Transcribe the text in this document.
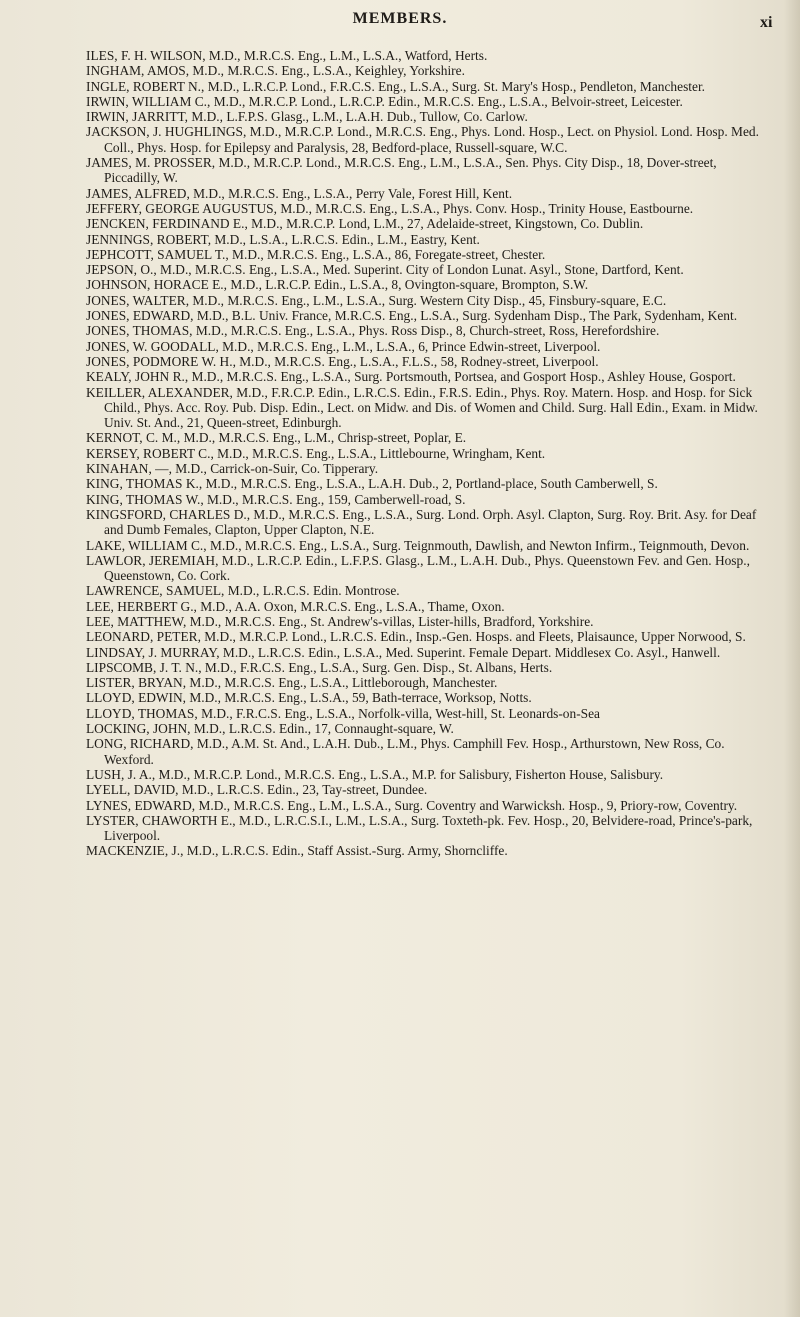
MEMBERS.	xi

ILES, F. H. WILSON, M.D., M.R.C.S. Eng., L.M., L.S.A., Watford, Herts.

INGHAM, AMOS, M.D., M.R.C.S. Eng., L.S.A., Keighley, Yorkshire.

INGLE, ROBERT N., M.D., L.R.C.P. Lond., F.R.C.S. Eng., L.S.A., Surg. St. Mary's Hosp., Pendleton, Manchester.

IRWIN, WILLIAM C., M.D., M.R.C.P. Lond., L.R.C.P. Edin., M.R.C.S. Eng., L.S.A., Belvoir-street, Leicester.

IRWIN, JARRITT, M.D., L.F.P.S. Glasg., L.M., L.A.H. Dub., Tullow, Co. Carlow.

JACKSON, J. HUGHLINGS, M.D., M.R.C.P. Lond., M.R.C.S. Eng., Phys. Lond. Hosp., Lect. on Physiol. Lond. Hosp. Med. Coll., Phys. Hosp. for Epilepsy and Paralysis, 28, Bedford-place, Russell-square, W.C.

JAMES, M. PROSSER, M.D., M.R.C.P. Lond., M.R.C.S. Eng., L.M., L.S.A., Sen. Phys. City Disp., 18, Dover-street, Piccadilly, W.

JAMES, ALFRED, M.D., M.R.C.S. Eng., L.S.A., Perry Vale, Forest Hill, Kent.

JEFFERY, GEORGE AUGUSTUS, M.D., M.R.C.S. Eng., L.S.A., Phys. Conv. Hosp., Trinity House, Eastbourne.

JENCKEN, FERDINAND E., M.D., M.R.C.P. Lond, L.M., 27, Adelaide-street, Kingstown, Co. Dublin.

JENNINGS, ROBERT, M.D., L.S.A., L.R.C.S. Edin., L.M., Eastry, Kent.

JEPHCOTT, SAMUEL T., M.D., M.R.C.S. Eng., L.S.A., 86, Foregate-street, Chester.

JEPSON, O., M.D., M.R.C.S. Eng., L.S.A., Med. Superint. City of London Lunat. Asyl., Stone, Dartford, Kent.

JOHNSON, HORACE E., M.D., L.R.C.P. Edin., L.S.A., 8, Ovington-square, Brompton, S.W.

JONES, WALTER, M.D., M.R.C.S. Eng., L.M., L.S.A., Surg. Western City Disp., 45, Finsbury-square, E.C.

JONES, EDWARD, M.D., B.L. Univ. France, M.R.C.S. Eng., L.S.A., Surg. Sydenham Disp., The Park, Sydenham, Kent.

JONES, THOMAS, M.D., M.R.C.S. Eng., L.S.A., Phys. Ross Disp., 8, Church-street, Ross, Herefordshire.

JONES, W. GOODALL, M.D., M.R.C.S. Eng., L.M., L.S.A., 6, Prince Edwin-street, Liverpool.

JONES, PODMORE W. H., M.D., M.R.C.S. Eng., L.S.A., F.L.S., 58, Rodney-street, Liverpool.

KEALY, JOHN R., M.D., M.R.C.S. Eng., L.S.A., Surg. Portsmouth, Portsea, and Gosport Hosp., Ashley House, Gosport.

KEILLER, ALEXANDER, M.D., F.R.C.P. Edin., L.R.C.S. Edin., F.R.S. Edin., Phys. Roy. Matern. Hosp. and Hosp. for Sick Child., Phys. Acc. Roy. Pub. Disp. Edin., Lect. on Midw. and Dis. of Women and Child. Surg. Hall Edin., Exam. in Midw. Univ. St. And., 21, Queen-street, Edinburgh.

KERNOT, C. M., M.D., M.R.C.S. Eng., L.M., Chrisp-street, Poplar, E.

KERSEY, ROBERT C., M.D., M.R.C.S. Eng., L.S.A., Littlebourne, Wringham, Kent.

KINAHAN, —, M.D., Carrick-on-Suir, Co. Tipperary.

KING, THOMAS K., M.D., M.R.C.S. Eng., L.S.A., L.A.H. Dub., 2, Portland-place, South Camberwell, S.

KING, THOMAS W., M.D., M.R.C.S. Eng., 159, Camberwell-road, S.

KINGSFORD, CHARLES D., M.D., M.R.C.S. Eng., L.S.A., Surg. Lond. Orph. Asyl. Clapton, Surg. Roy. Brit. Asy. for Deaf and Dumb Females, Clapton, Upper Clapton, N.E.

LAKE, WILLIAM C., M.D., M.R.C.S. Eng., L.S.A., Surg. Teignmouth, Dawlish, and Newton Infirm., Teignmouth, Devon.

LAWLOR, JEREMIAH, M.D., L.R.C.P. Edin., L.F.P.S. Glasg., L.M., L.A.H. Dub., Phys. Queenstown Fev. and Gen. Hosp., Queenstown, Co. Cork.

LAWRENCE, SAMUEL, M.D., L.R.C.S. Edin. Montrose.

LEE, HERBERT G., M.D., A.A. Oxon, M.R.C.S. Eng., L.S.A., Thame, Oxon.

LEE, MATTHEW, M.D., M.R.C.S. Eng., St. Andrew's-villas, Lister-hills, Bradford, Yorkshire.

LEONARD, PETER, M.D., M.R.C.P. Lond., L.R.C.S. Edin., Insp.-Gen. Hosps. and Fleets, Plaisaunce, Upper Norwood, S.

LINDSAY, J. MURRAY, M.D., L.R.C.S. Edin., L.S.A., Med. Superint. Female Depart. Middlesex Co. Asyl., Hanwell.

LIPSCOMB, J. T. N., M.D., F.R.C.S. Eng., L.S.A., Surg. Gen. Disp., St. Albans, Herts.

LISTER, BRYAN, M.D., M.R.C.S. Eng., L.S.A., Littleborough, Manchester.

LLOYD, EDWIN, M.D., M.R.C.S. Eng., L.S.A., 59, Bath-terrace, Worksop, Notts.

LLOYD, THOMAS, M.D., F.R.C.S. Eng., L.S.A., Norfolk-villa, West-hill, St. Leonards-on-Sea

LOCKING, JOHN, M.D., L.R.C.S. Edin., 17, Connaught-square, W.

LONG, RICHARD, M.D., A.M. St. And., L.A.H. Dub., L.M., Phys. Camphill Fev. Hosp., Arthurstown, New Ross, Co. Wexford.

LUSH, J. A., M.D., M.R.C.P. Lond., M.R.C.S. Eng., L.S.A., M.P. for Salisbury, Fisherton House, Salisbury.

LYELL, DAVID, M.D., L.R.C.S. Edin., 23, Tay-street, Dundee.

LYNES, EDWARD, M.D., M.R.C.S. Eng., L.M., L.S.A., Surg. Coventry and Warwicksh. Hosp., 9, Priory-row, Coventry.

LYSTER, CHAWORTH E., M.D., L.R.C.S.I., L.M., L.S.A., Surg. Toxteth-pk. Fev. Hosp., 20, Belvidere-road, Prince's-park, Liverpool.

MACKENZIE, J., M.D., L.R.C.S. Edin., Staff Assist.-Surg. Army, Shorncliffe.
